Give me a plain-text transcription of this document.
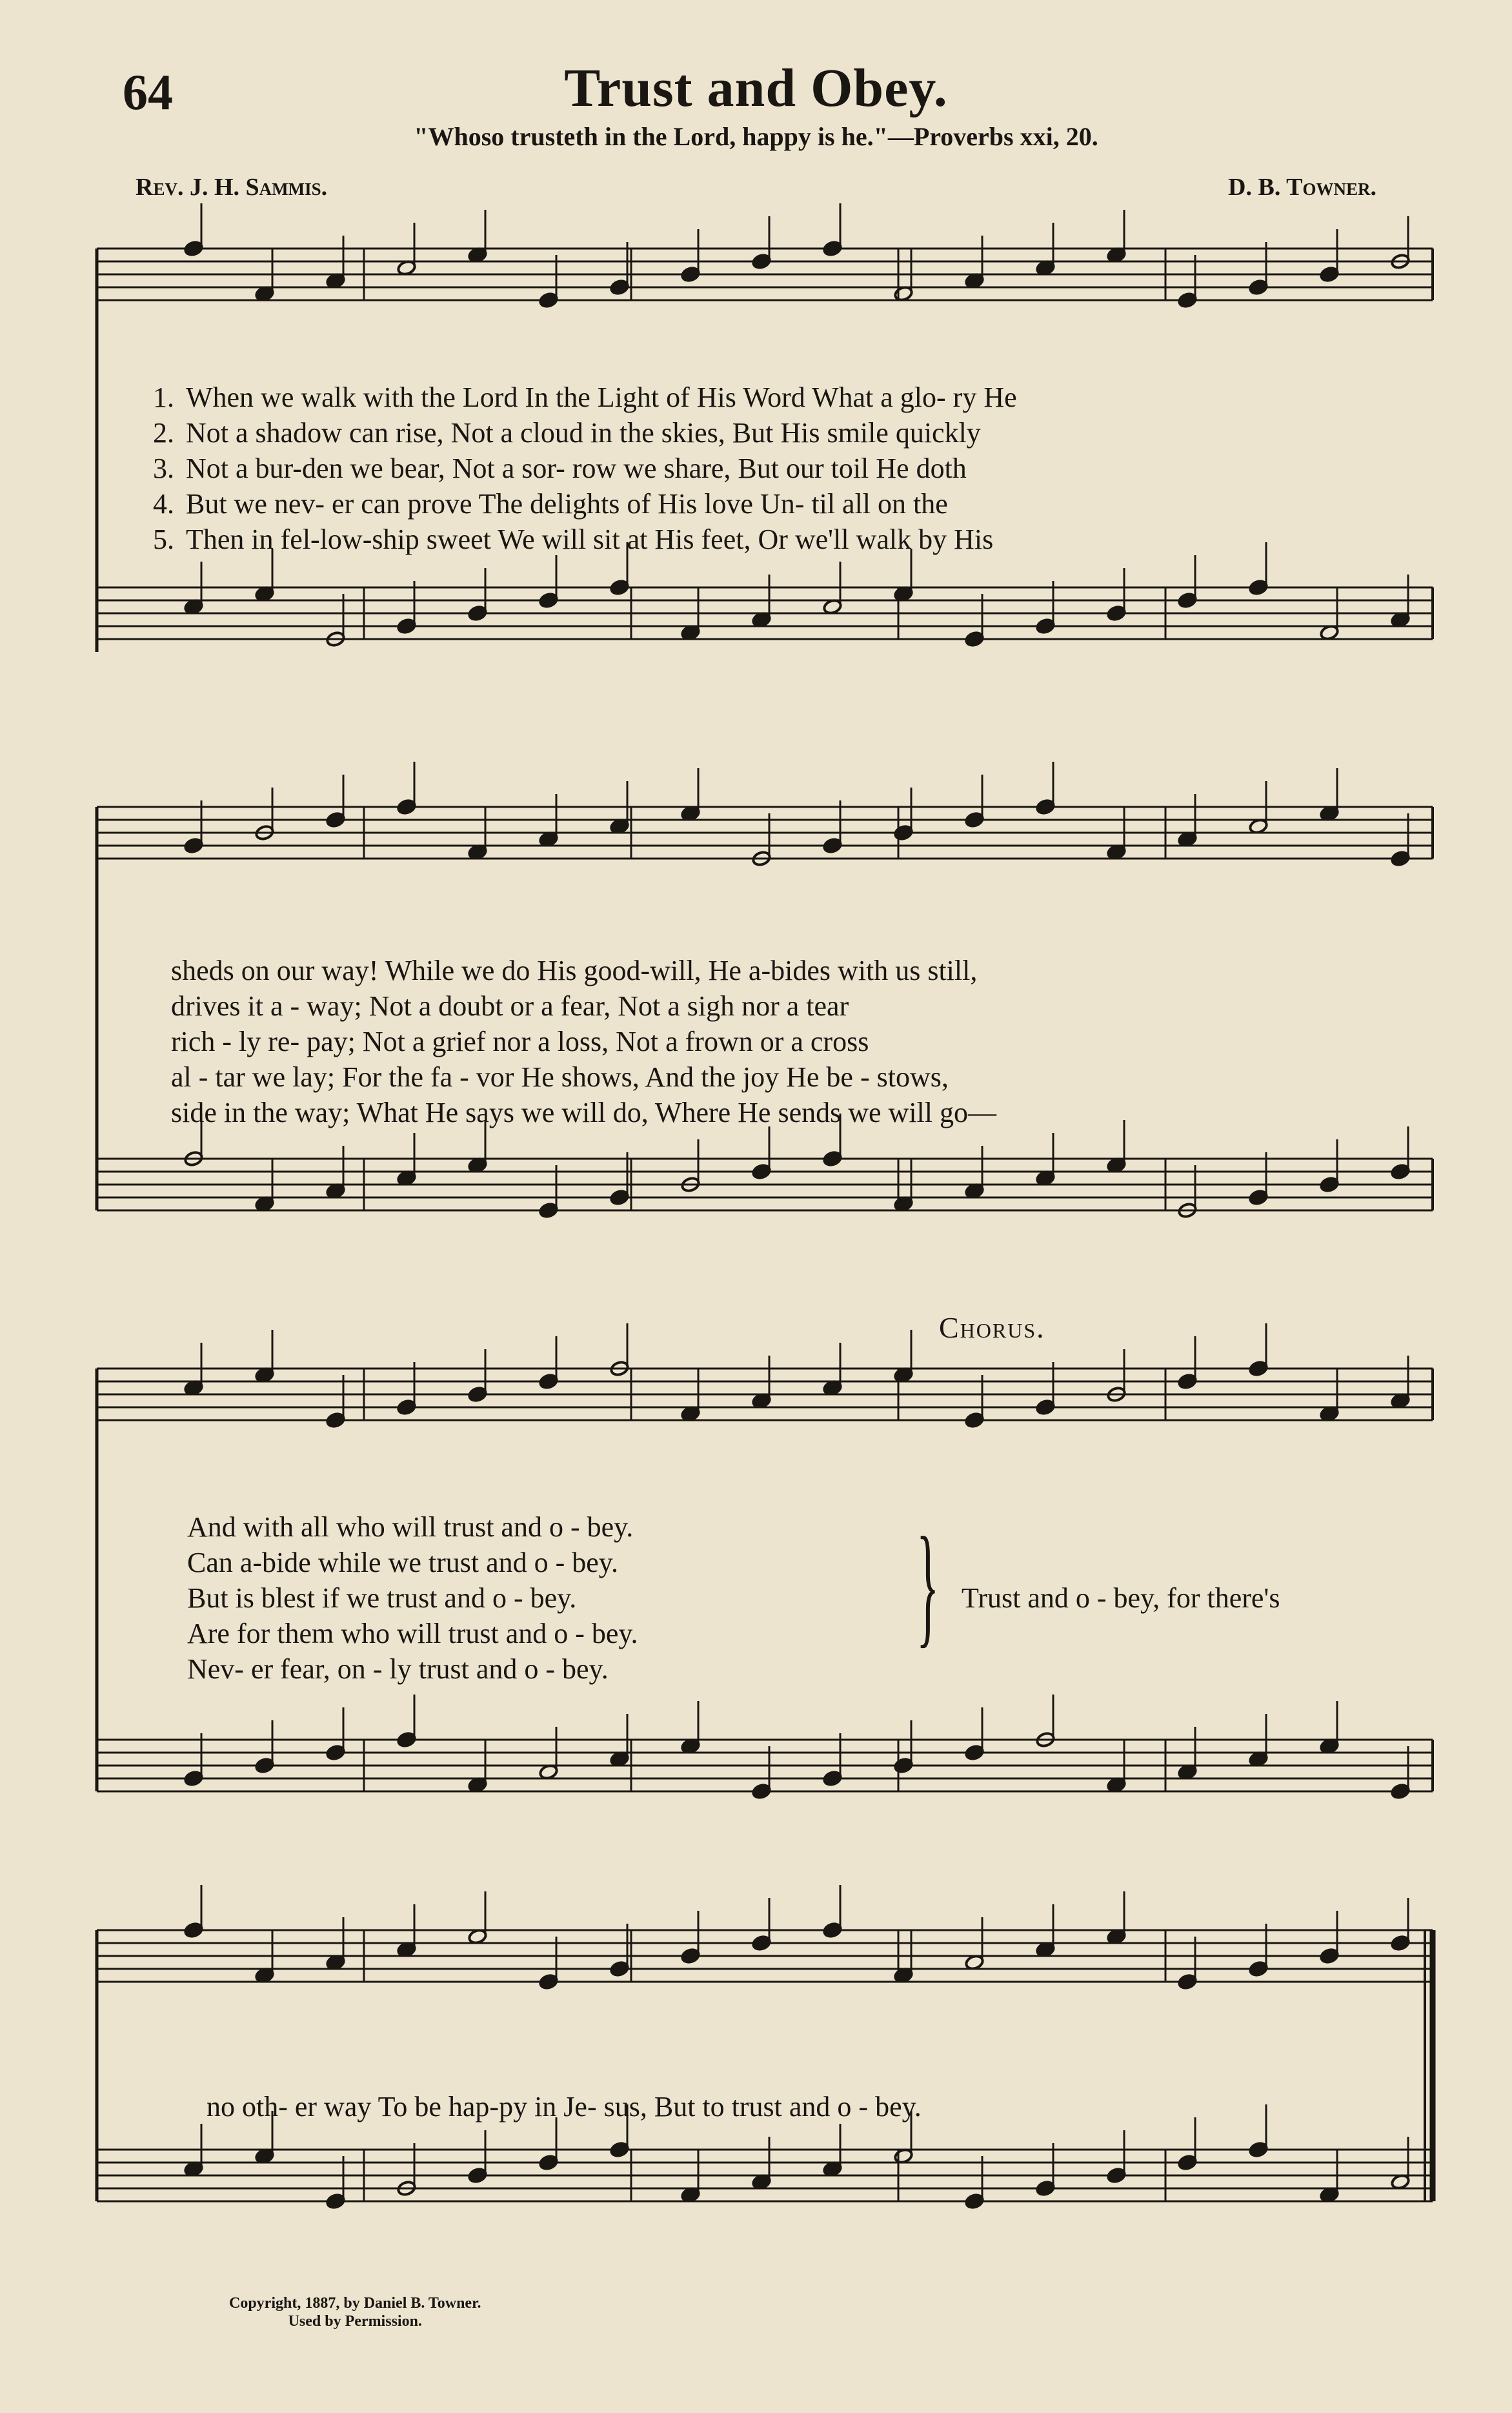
64	Trust and Obey.
"Whoso trusteth in the Lord, happy is he."—Proverbs xxi, 20.
Rev. J. H. Sammis.	D. B. Towner.
1. When we walk with the Lord In the Light of His Word What a glo- ry He
2. Not a shadow can rise, Not a cloud in the skies, But His smile quickly
3. Not a bur-den we bear, Not a sor- row we share, But our toil He doth
4. But we nev- er can prove The delights of His love Un- til all on the
5. Then in fel-low-ship sweet We will sit at His feet, Or we'll walk by His
sheds on our way! While we do His good-will, He a-bides with us still,
drives it a - way; Not a doubt or a fear, Not a sigh nor a tear
rich - ly re- pay; Not a grief nor a loss, Not a frown or a cross
al - tar we lay; For the fa - vor He shows, And the joy He be - stows,
side in the way; What He says we will do, Where He sends we will go—
Chorus.
And with all who will trust and o - bey.
Can a-bide while we trust and o - bey.
But is blest if we trust and o - bey.
Are for them who will trust and o - bey.
Nev- er fear, on - ly trust and o - bey.
} Trust and o - bey, for there's
no oth- er way To be hap-py in Je- sus, But to trust and o - bey.
Copyright, 1887, by Daniel B. Towner.
Used by Permission.
